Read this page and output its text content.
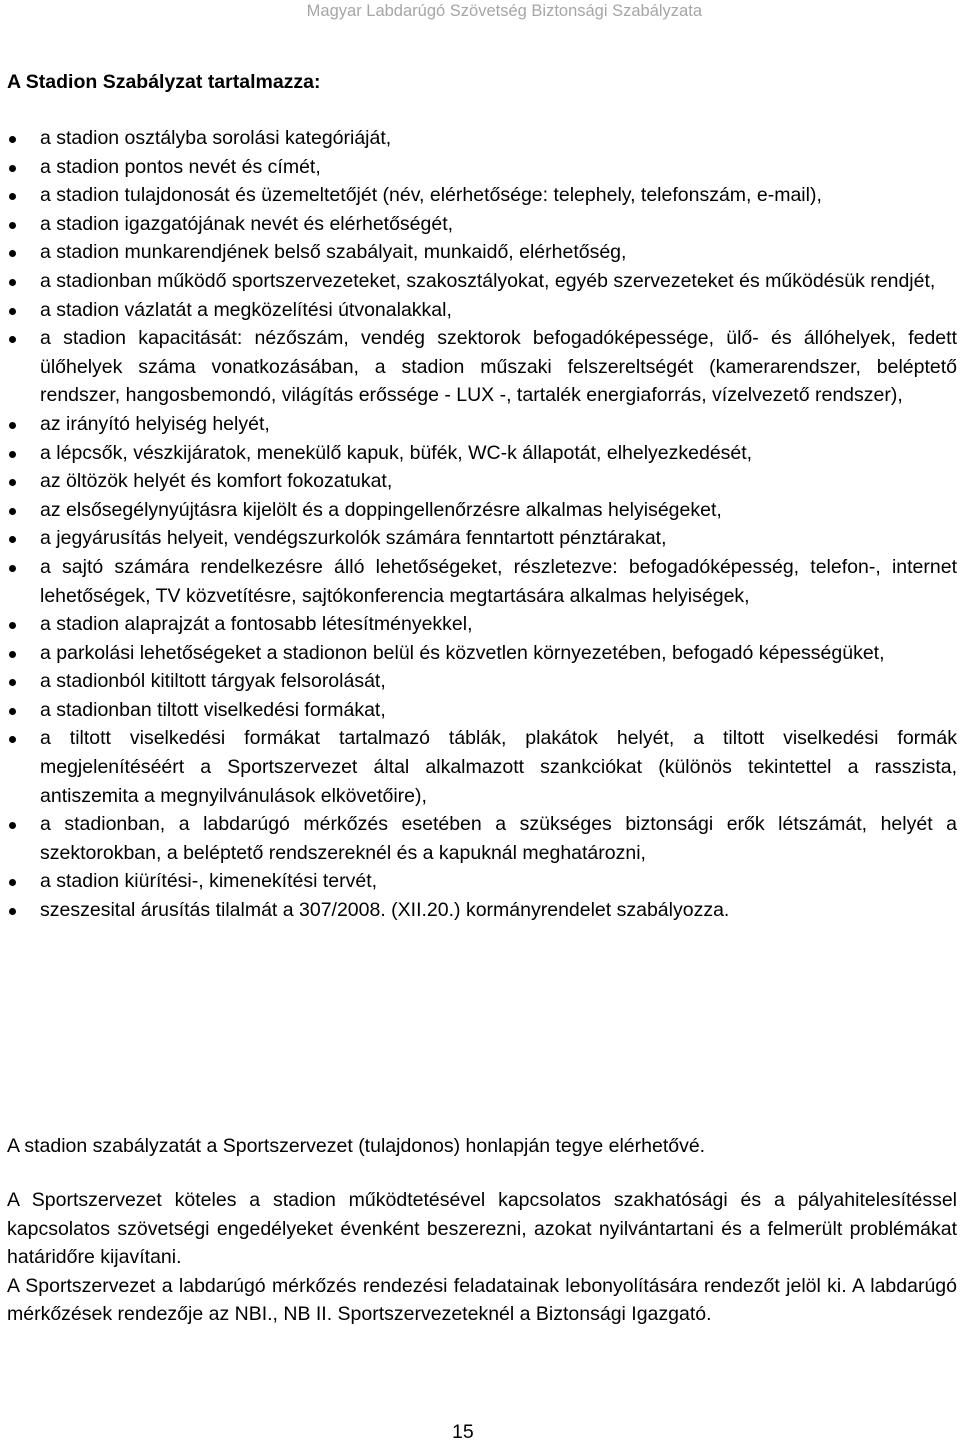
Magyar Labdarúgó Szövetség Biztonsági Szabályzata
A Stadion Szabályzat tartalmazza:
a stadion osztályba sorolási kategóriáját,
a stadion pontos nevét és címét,
a stadion tulajdonosát és üzemeltetőjét (név, elérhetősége: telephely, telefonszám, e-mail),
a stadion igazgatójának nevét és elérhetőségét,
a stadion munkarendjének belső szabályait, munkaidő, elérhetőség,
a stadionban működő sportszervezeteket, szakosztályokat, egyéb szervezeteket és működésük rendjét,
a stadion vázlatát a megközelítési útvonalakkal,
a stadion kapacitását: nézőszám, vendég szektorok befogadóképessége, ülő- és állóhelyek, fedett ülőhelyek száma vonatkozásában, a stadion műszaki felszereltségét (kamerarendszer, beléptető rendszer, hangosbemondó, világítás erőssége - LUX -, tartalék energiaforrás, vízelvezető rendszer),
az irányító helyiség helyét,
a lépcsők, vészkijáratok, menekülő kapuk, büfék, WC-k állapotát, elhelyezkedését,
az öltözök helyét és komfort fokozatukat,
az elsősegélynyújtásra kijelölt és a doppingellenőrzésre alkalmas helyiségeket,
a jegyárusítás helyeit, vendégszurkolók számára fenntartott pénztárakat,
a sajtó számára rendelkezésre álló lehetőségeket, részletezve: befogadóképesség, telefon-, internet lehetőségek, TV közvetítésre, sajtókonferencia megtartására alkalmas helyiségek,
a stadion alaprajzát a fontosabb létesítményekkel,
a parkolási lehetőségeket a stadionon belül és közvetlen környezetében, befogadó képességüket,
a stadionból kitiltott tárgyak felsorolását,
a stadionban tiltott viselkedési formákat,
a tiltott viselkedési formákat tartalmazó táblák, plakátok helyét, a tiltott viselkedési formák megjelenítéséért a Sportszervezet által alkalmazott szankciókat (különös tekintettel a rasszista, antiszemita a megnyilvánulások elkövetőire),
a stadionban, a labdarúgó mérkőzés esetében a szükséges biztonsági erők létszámát, helyét a szektorokban, a beléptető rendszereknél és a kapuknál meghatározni,
a stadion kiürítési-, kimenekítési tervét,
szeszesital árusítás tilalmát a 307/2008. (XII.20.) kormányrendelet szabályozza.

A stadion szabályzatát a Sportszervezet (tulajdonos) honlapján tegye elérhetővé.

A Sportszervezet köteles a stadion működtetésével kapcsolatos szakhatósági és a pályahitelesítéssel kapcsolatos szövetségi engedélyeket évenként beszerezni, azokat nyilvántartani és a felmerült problémákat határidőre kijavítani.

A Sportszervezet a labdarúgó mérkőzés rendezési feladatainak lebonyolítására rendezőt jelöl ki. A labdarúgó mérkőzések rendezője az NBI., NB II. Sportszervezeteknél a Biztonsági Igazgató.

15
